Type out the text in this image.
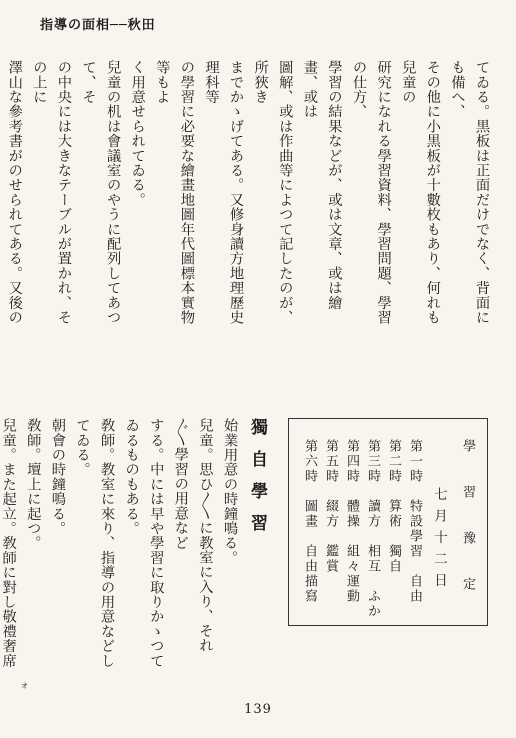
指導の面相──秋田

てゐる。黒板は正面だけでなく、背面にも備へ、

その他に小黒板が十數枚もあり、何れも兒童の

研究になれる學習資料、學習問題、學習の仕方、

學習の結果などが、或は文章、或は繪畫、或は

圖解、或は作曲等によつて記したのが、所狹き

までかゝげてある。又修身讀方地理歷史理科等

の學習に必要な繪畫地圖年代圖標本實物等もよ

く用意せられてゐる。

兒童の机は會議室のやうに配列してあつて、そ

の中央には大きなテーブルが置かれ、その上に

澤山な參考書がのせられてある。又後の

學 習 豫 定
七月十二日
第一時　特設學習　自由
第二時　算術　獨自
第三時　讀方　相互　ふか
第四時　體操　組々運動
第五時　綴方　鑑賞
第六時　圖畫　自由描寫
獨自學習

始業用意の時鐘鳴る。

兒童。思ひ〳〵に教室に入り、それ〴〵學習の用意など

する。中には早や學習に取りかゝつてゐるものもある。

敎師。教室に來り、指導の用意などしてゐる。

朝會の時鐘鳴る。

敎師。壇上に起つ。

兒童。また起立。敎師に對し敬禮奢席

ォ
139
